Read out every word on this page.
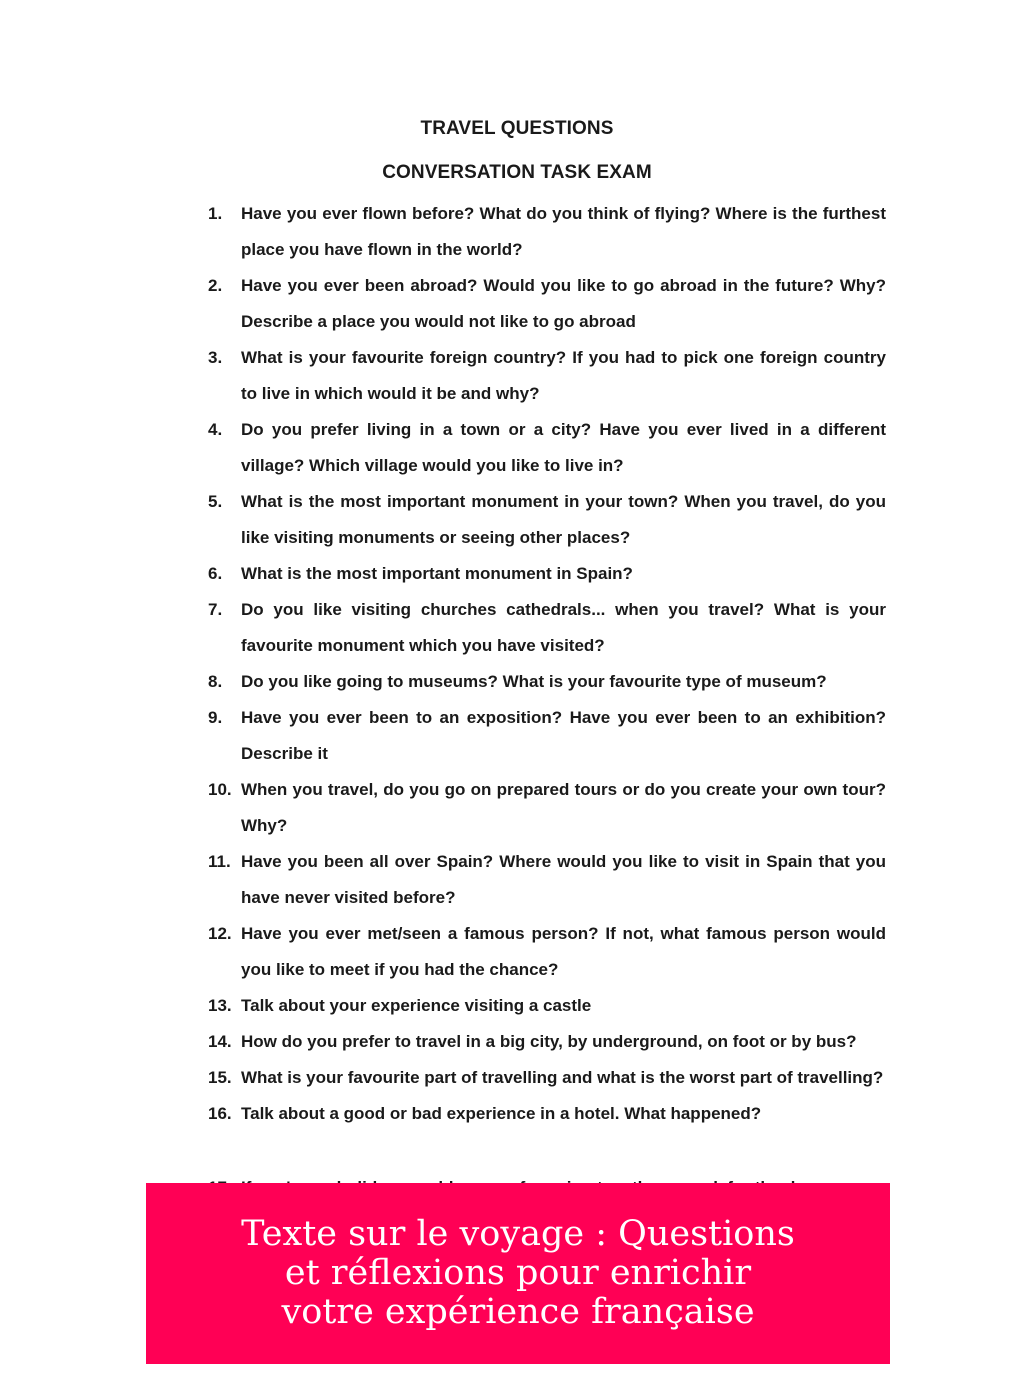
TRAVEL QUESTIONS
CONVERSATION TASK EXAM
1.	Have you ever flown before? What do you think of flying? Where is the furthest place you have flown in the world?
2.	Have you ever been abroad? Would you like to go abroad in the future? Why? Describe a place you would not like to go abroad
3.	What is your favourite foreign country? If you had to pick one foreign country to live in which would it be and why?
4.	Do you prefer living in a town or a city? Have you ever lived in a different village? Which village would you like to live in?
5.	What is the most important monument in your town? When you travel, do you like visiting monuments or seeing other places?
6.	What is the most important monument in Spain?
7.	Do you like visiting churches cathedrals... when you travel? What is your favourite monument which you have visited?
8.	Do you like going to museums? What is your favourite type of museum?
9.	Have you ever been to an exposition? Have you ever been to an exhibition? Describe it
10. When you travel, do you go on prepared tours or do you create your own tour? Why?
11. Have you been all over Spain? Where would you like to visit in Spain that you have never visited before?
12. Have you ever met/seen a famous person? If not, what famous person would you like to meet if you had the chance?
13. Talk about your experience visiting a castle
14. How do you prefer to travel in a big city, by underground, on foot or by bus?
15. What is your favourite part of travelling and what is the worst part of travelling?
16. Talk about a good or bad experience in a hotel. What happened?
Texte sur le voyage : Questions et réflexions pour enrichir votre expérience française
